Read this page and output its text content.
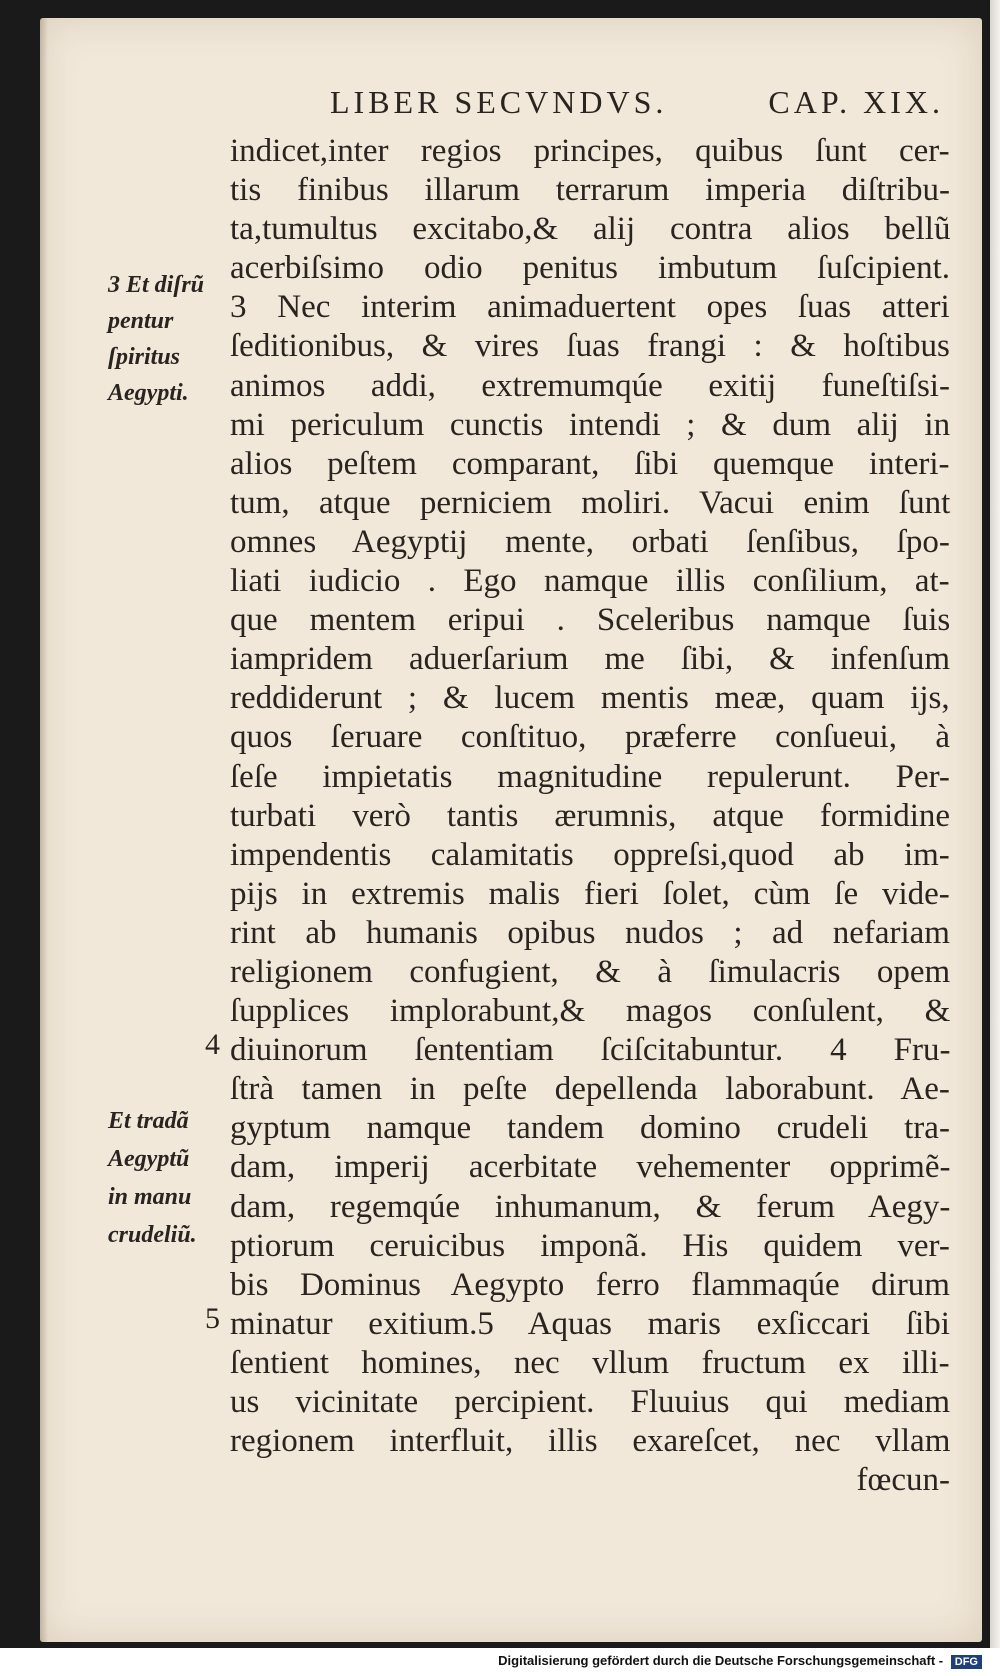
LIBER SECVNDVS.	CAP. XIX.
3 Et diſrũ
pentur
ſpiritus
Aegypti.
Et tradã
Aegyptũ
in manu
crudeliũ.
4
5
indicet,inter regios principes, quibus ſunt cer-
tis finibus illarum terrarum imperia diſtribu-
ta,tumultus excitabo,& alij contra alios bellũ
acerbiſsimo odio penitus imbutum ſuſcipient.
3 Nec interim animaduertent opes ſuas atteri
ſeditionibus, & vires ſuas frangi : & hoſtibus
animos addi, extremumqúe exitij funeſtiſsi-
mi periculum cunctis intendi ; & dum alij in
alios peſtem comparant, ſibi quemque interi-
tum, atque perniciem moliri. Vacui enim ſunt
omnes Aegyptij mente, orbati ſenſibus, ſpo-
liati iudicio . Ego namque illis conſilium, at-
que mentem eripui . Sceleribus namque ſuis
iampridem aduerſarium me ſibi, & infenſum
reddiderunt ; & lucem mentis meæ, quam ijs,
quos ſeruare conſtituo, præferre conſueui, à
ſeſe impietatis magnitudine repulerunt. Per-
turbati verò tantis ærumnis, atque formidine
impendentis calamitatis oppreſsi,quod ab im-
pijs in extremis malis fieri ſolet, cùm ſe vide-
rint ab humanis opibus nudos ; ad nefariam
religionem confugient, & à ſimulacris opem
ſupplices implorabunt,& magos conſulent, &
diuinorum ſententiam ſciſcitabuntur. 4 Fru-
ſtrà tamen in peſte depellenda laborabunt. Ae-
gyptum namque tandem domino crudeli tra-
dam, imperij acerbitate vehementer opprimẽ-
dam, regemqúe inhumanum, & ferum Aegy-
ptiorum ceruicibus imponã. His quidem ver-
bis Dominus Aegypto ferro flammaqúe dirum
minatur exitium.5 Aquas maris exſiccari ſibi
ſentient homines, nec vllum fructum ex illi-
us vicinitate percipient. Fluuius qui mediam
regionem interfluit, illis exareſcet, nec vllam
fœcun-
Digitalisierung gefördert durch die Deutsche Forschungsgemeinschaft - DFG
